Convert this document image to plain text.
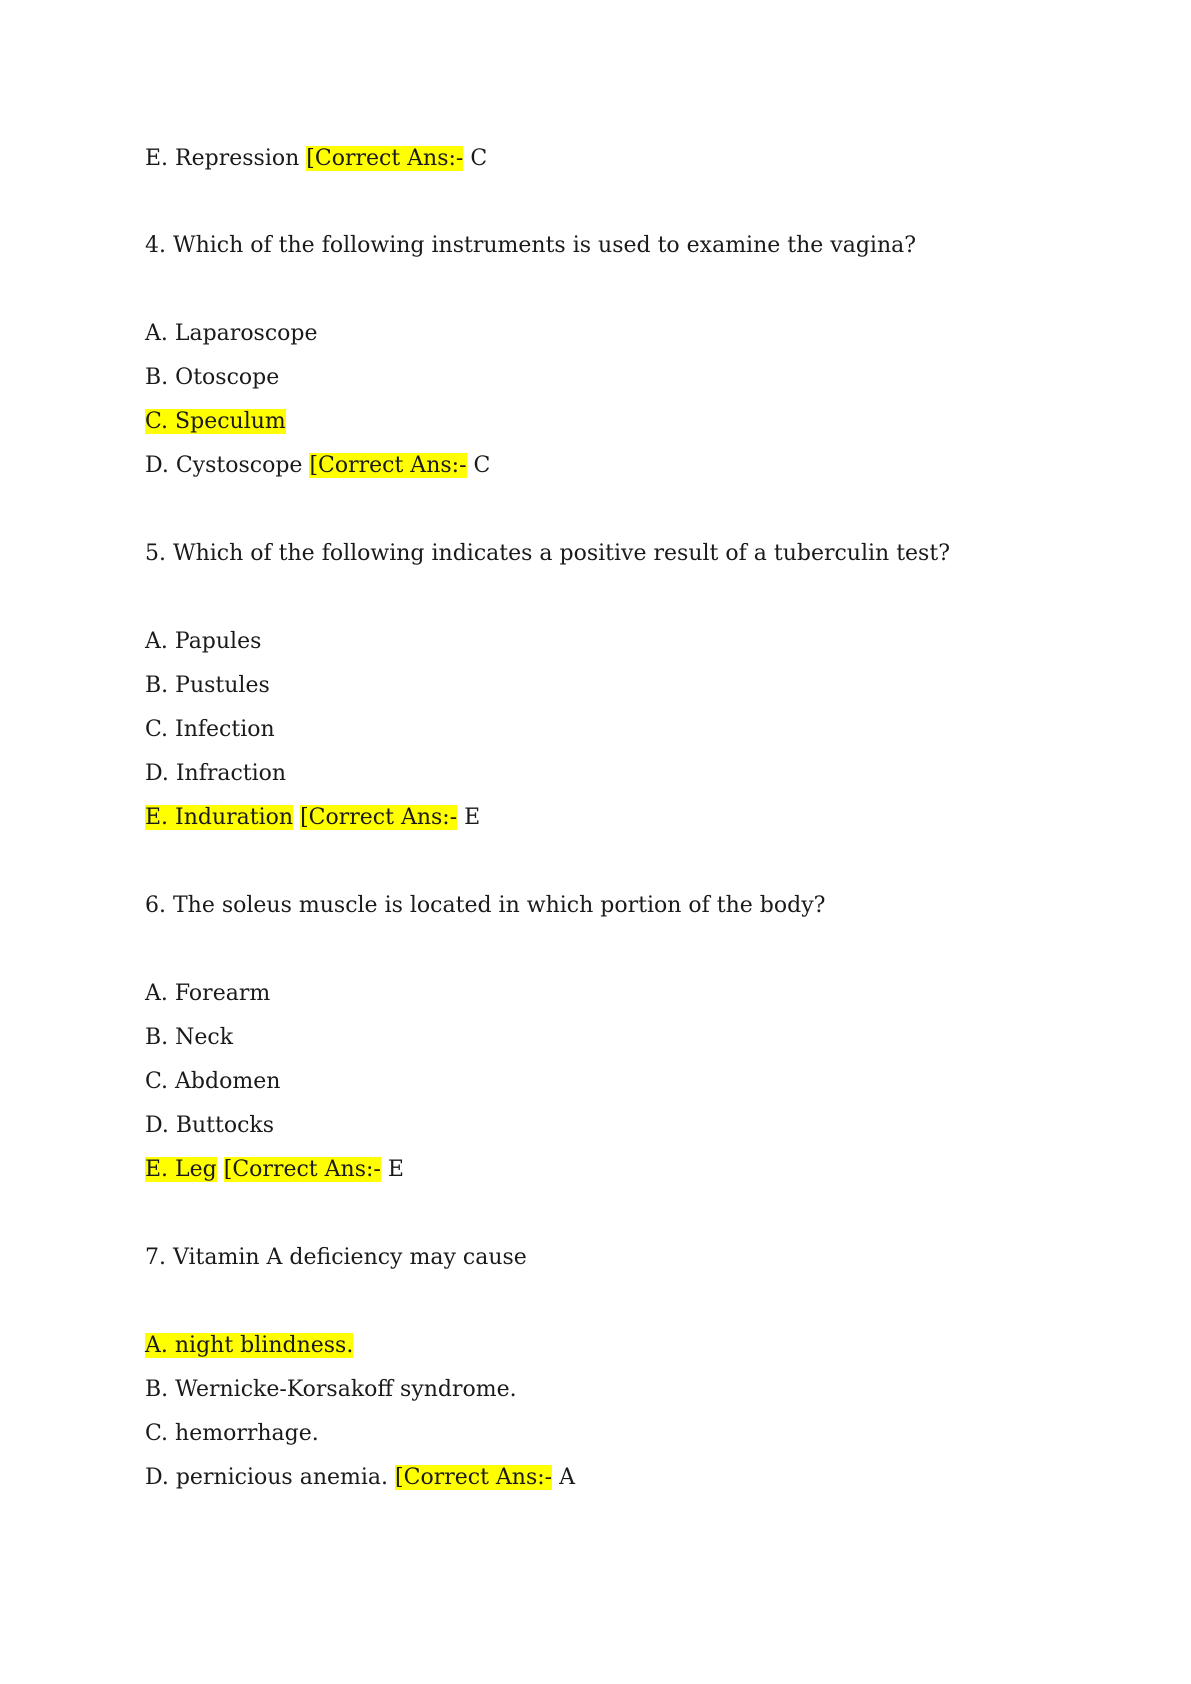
E. Repression [Correct Ans:- C
4. Which of the following instruments is used to examine the vagina?
A. Laparoscope
B. Otoscope
C. Speculum
D. Cystoscope [Correct Ans:- C
5. Which of the following indicates a positive result of a tuberculin test?
A. Papules
B. Pustules
C. Infection
D. Infraction
E. Induration [Correct Ans:- E
6. The soleus muscle is located in which portion of the body?
A. Forearm
B. Neck
C. Abdomen
D. Buttocks
E. Leg [Correct Ans:- E
7. Vitamin A deficiency may cause
A. night blindness.
B. Wernicke-Korsakoff syndrome.
C. hemorrhage.
D. pernicious anemia. [Correct Ans:- A
